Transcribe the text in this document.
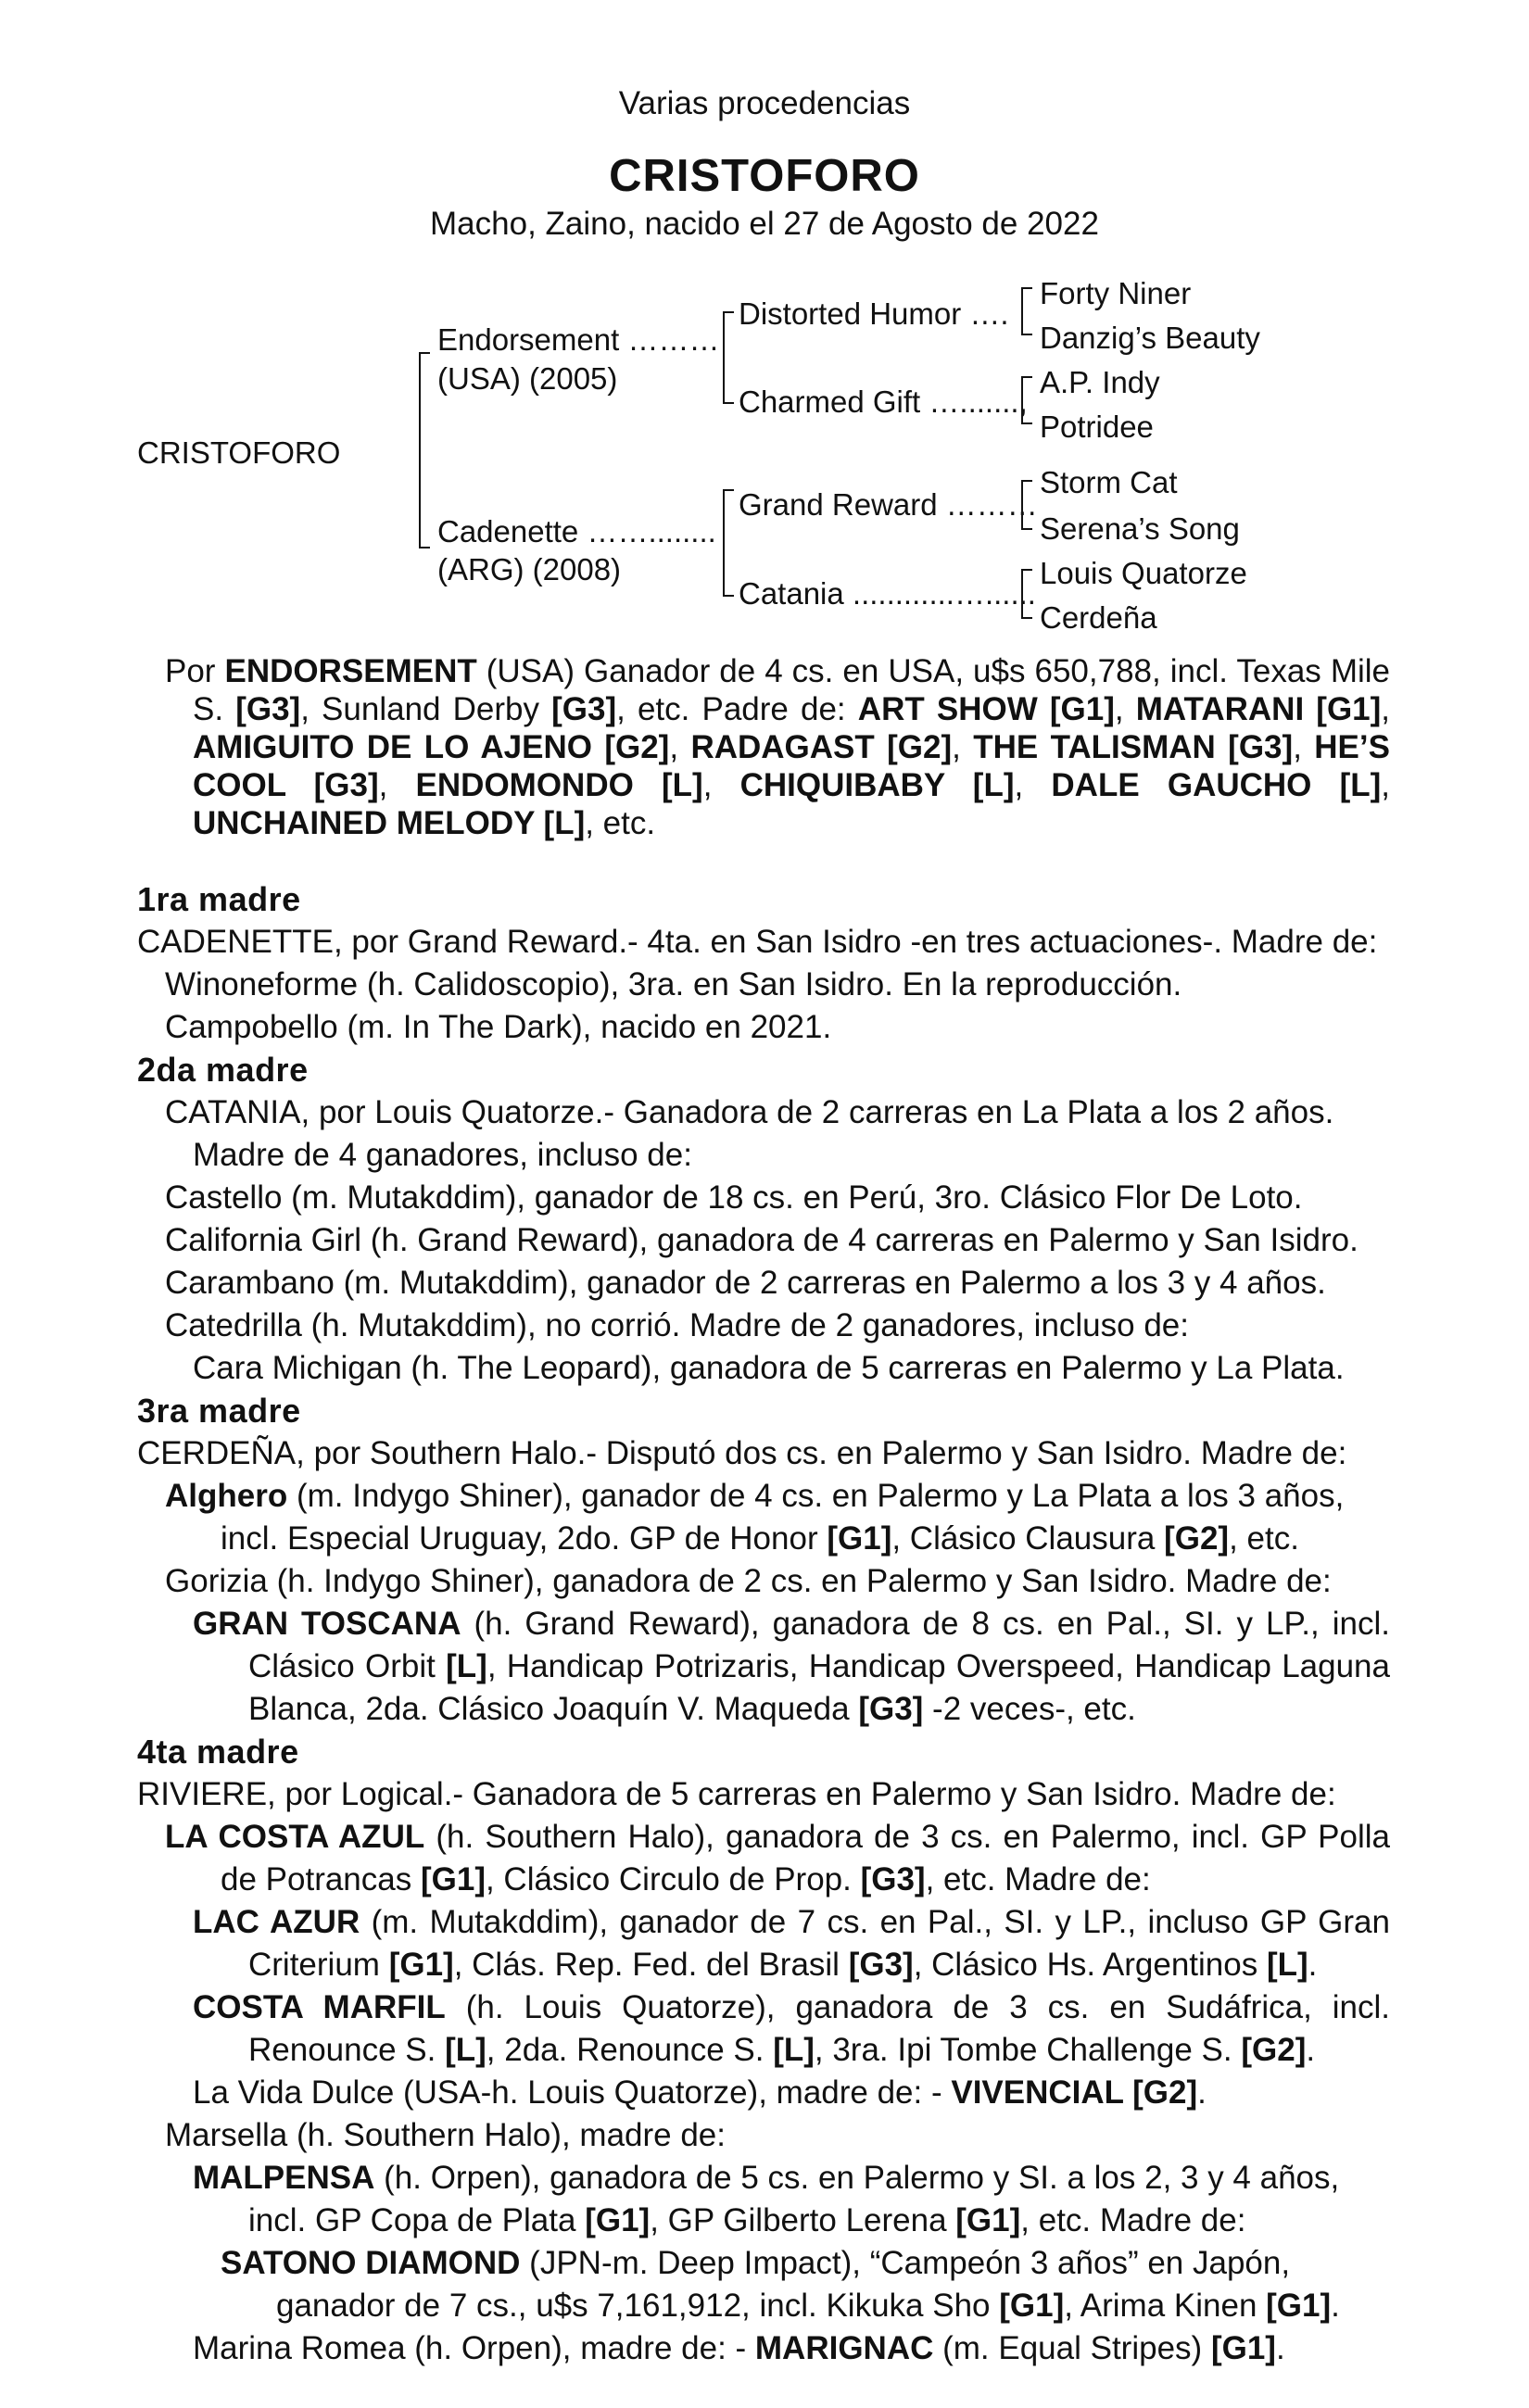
Varias procedencias
CRISTOFORO
Macho, Zaino, nacido el 27 de Agosto de 2022
CRISTOFORO
Endorsement ………
(USA) (2005)
Cadenette ……........
(ARG) (2008)
Distorted Humor ….
Charmed Gift ….......,
Grand Reward ………
Catania ............…......
Forty Niner
Danzig’s Beauty
A.P. Indy
Potridee
Storm Cat
Serena’s Song
Louis Quatorze
Cerdeña

Por ENDORSEMENT (USA) Ganador de 4 cs. en USA, u$s 650,788, incl. Texas Mile S. [G3], Sunland Derby [G3], etc. Padre de: ART SHOW [G1], MATARANI [G1], AMIGUITO DE LO AJENO [G2], RADAGAST [G2], THE TALISMAN [G3], HE’S COOL [G3], ENDOMONDO [L], CHIQUIBABY [L], DALE GAUCHO [L], UNCHAINED MELODY [L], etc.

1ra madre

CADENETTE, por Grand Reward.- 4ta. en San Isidro -en tres actuaciones-. Madre de:

Winoneforme (h. Calidoscopio), 3ra. en San Isidro. En la reproducción.

Campobello (m. In The Dark), nacido en 2021.

2da madre

CATANIA, por Louis Quatorze.- Ganadora de 2 carreras en La Plata a los 2 años. Madre de 4 ganadores, incluso de:

Castello (m. Mutakddim), ganador de 18 cs. en Perú, 3ro. Clásico Flor De Loto.

California Girl (h. Grand Reward), ganadora de 4 carreras en Palermo y San Isidro.

Carambano (m. Mutakddim), ganador de 2 carreras en Palermo a los 3 y 4 años.

Catedrilla (h. Mutakddim), no corrió. Madre de 2 ganadores, incluso de:

Cara Michigan (h. The Leopard), ganadora de 5 carreras en Palermo y La Plata.

3ra madre

CERDEÑA, por Southern Halo.- Disputó dos cs. en Palermo y San Isidro. Madre de:

Alghero (m. Indygo Shiner), ganador de 4 cs. en Palermo y La Plata a los 3 años, incl. Especial Uruguay, 2do. GP de Honor [G1], Clásico Clausura [G2], etc.

Gorizia (h. Indygo Shiner), ganadora de 2 cs. en Palermo y San Isidro. Madre de:

GRAN TOSCANA (h. Grand Reward), ganadora de 8 cs. en Pal., SI. y LP., incl. Clásico Orbit [L], Handicap Potrizaris, Handicap Overspeed, Handicap Laguna Blanca, 2da. Clásico Joaquín V. Maqueda [G3] -2 veces-, etc.

4ta madre

RIVIERE, por Logical.- Ganadora de 5 carreras en Palermo y San Isidro. Madre de:

LA COSTA AZUL (h. Southern Halo), ganadora de 3 cs. en Palermo, incl. GP Polla de Potrancas [G1], Clásico Circulo de Prop. [G3], etc. Madre de:

LAC AZUR (m. Mutakddim), ganador de 7 cs. en Pal., SI. y LP., incluso GP Gran Criterium [G1], Clás. Rep. Fed. del Brasil [G3], Clásico Hs. Argentinos [L].

COSTA MARFIL (h. Louis Quatorze), ganadora de 3 cs. en Sudáfrica, incl. Renounce S. [L], 2da. Renounce S. [L], 3ra. Ipi Tombe Challenge S. [G2].

La Vida Dulce (USA-h. Louis Quatorze), madre de: - VIVENCIAL [G2].

Marsella (h. Southern Halo), madre de:

MALPENSA (h. Orpen), ganadora de 5 cs. en Palermo y SI. a los 2, 3 y 4 años, incl. GP Copa de Plata [G1], GP Gilberto Lerena [G1], etc. Madre de:

SATONO DIAMOND (JPN-m. Deep Impact), “Campeón 3 años” en Japón, ganador de 7 cs., u$s 7,161,912, incl. Kikuka Sho [G1], Arima Kinen [G1].

Marina Romea (h. Orpen), madre de: - MARIGNAC (m. Equal Stripes) [G1].
